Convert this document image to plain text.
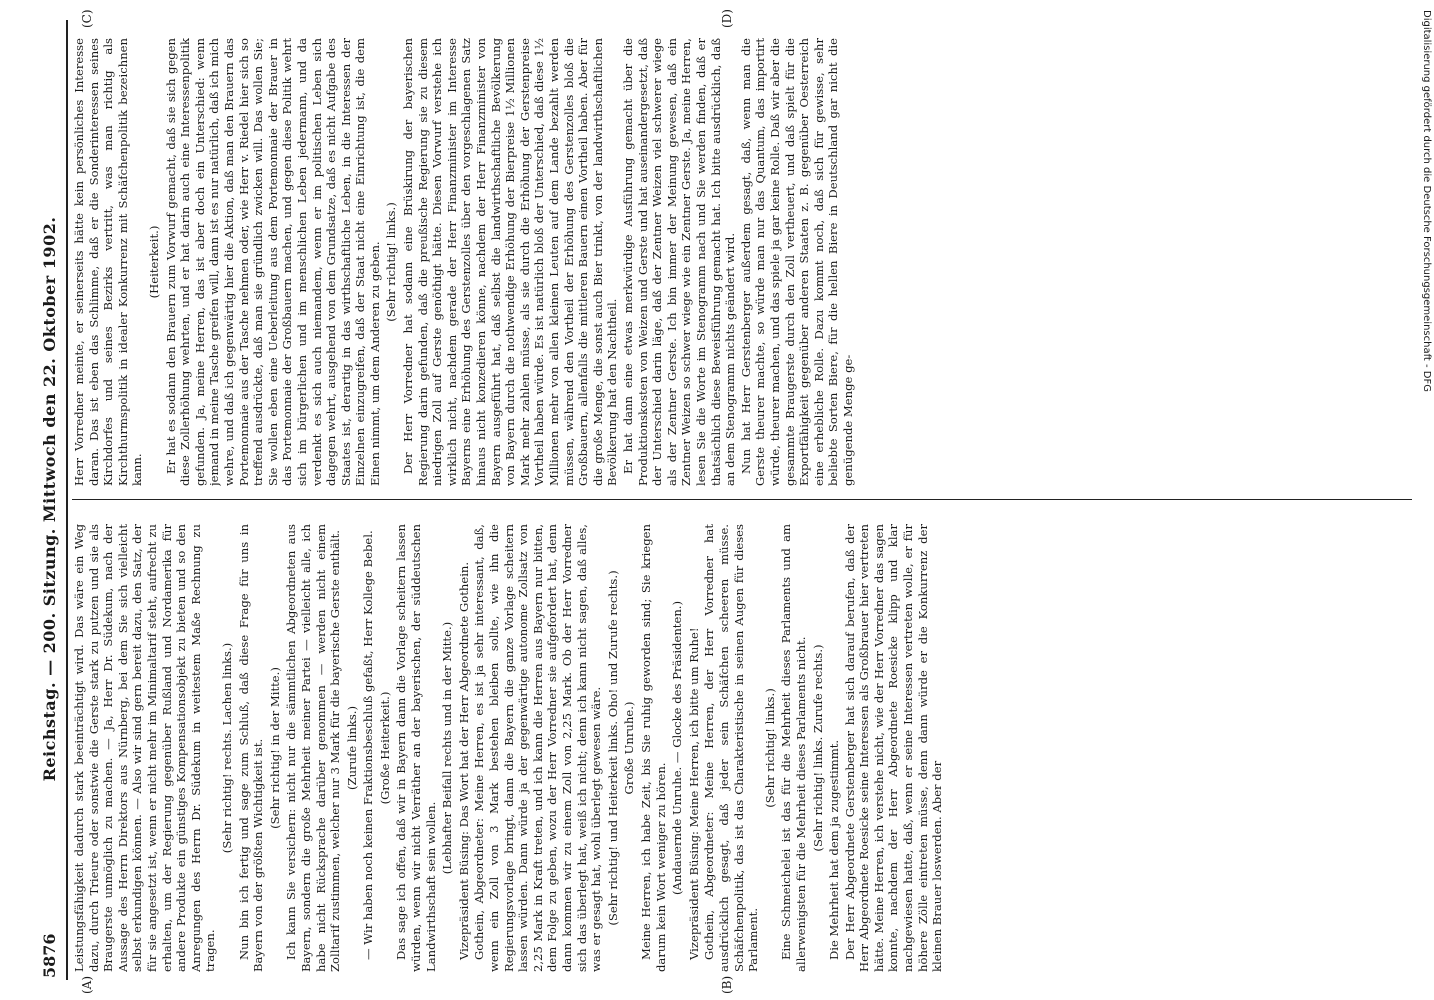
5876
Reichstag. — 200. Sitzung. Mittwoch den 22. Oktober 1902. Leistungsfähigkeit dadurch stark beeinträchtigt wird. Das wäre ein Weg dazu, durch Trieure oder sonstwie die Gerste stark zu putzen und sie als Braugerste unmöglich zu machen. — Ja, Herr Dr. Südekum, nach der Aussage des Herrn Direktors aus Nürnberg, bei dem Sie sich vielleicht selbst erkundigen können. — Also wir sind gern bereit dazu, den Satz, der für sie angesetzt ist, wenn er nicht mehr im Minimaltarif steht, aufrecht zu erhalten, um der Regierung gegenüber Rußland und Nordamerika für andere Produkte ein günstiges Kompensationsobjekt zu bieten und so den Anregungen des Herrn Dr. Südekum in weitestem Maße Rechnung zu tragen.

(Sehr richtig! rechts. Lachen links.) Nun bin ich fertig und sage zum Schluß, daß diese Frage für uns in Bayern von der größten Wichtigkeit ist. (Sehr richtig! in der Mitte.) Ich kann Sie versichern: nicht nur die sämmtlichen Abgeordneten aus Bayern, sondern die große Mehrheit meiner Partei — vielleicht alle, ich habe nicht Rücksprache darüber genommen — werden nicht einem Zolltarif zustimmen, welcher nur 3 Mark für die bayerische Gerste enthält. (Zurufe links.) — Wir haben noch keinen Fraktionsbeschluß gefaßt, Herr Kollege Bebel. (Große Heiterkeit.) Das sage ich offen, daß wir in Bayern dann die Vorlage scheitern lassen würden, wenn wir nicht Verräther an der bayerischen, der süddeutschen Landwirthschaft sein wollen.

(Lebhafter Beifall rechts und in der Mitte.) Vizepräsident Büsing: Das Wort hat der Herr Abgeordnete Gothein. Gothein, Abgeordneter: Meine Herren, es ist ja sehr interessant, daß, wenn ein Zoll von 3 Mark bestehen bleiben sollte, wie ihn die Regierungsvorlage bringt, dann die Bayern die ganze Vorlage scheitern lassen würden. Dann würde ja der gegenwärtige autonome Zollsatz von 2,25 Mark in Kraft treten, und ich kann die Herren aus Bayern nur bitten, dem Folge zu geben, wozu der Herr Vorredner sie aufgefordert hat, denn dann kommen wir zu einem Zoll von 2,25 Mark. Ob der Herr Vorredner sich das überlegt hat, weiß ich nicht; denn ich kann nicht sagen, daß alles, was er gesagt hat, wohl überlegt gewesen wäre. (Sehr richtig! und Heiterkeit links. Oho! und Zurufe rechts.) Große Unruhe.) Meine Herren, ich habe Zeit, bis Sie ruhig geworden sind; Sie kriegen darum kein Wort weniger zu hören. (Andauernde Unruhe. — Glocke des Präsidenten.) Vizepräsident Büsing: Meine Herren, ich bitte um Ruhe! Gothein, Abgeordneter: Meine Herren, der Herr Vorredner hat ausdrücklich gesagt, daß jeder sein Schäfchen scheeren müsse. Schäfchenpolitik, das ist das Charakteristische in seinen Augen für dieses Parlament.

(Sehr richtig! links.) Eine Schmeichelei ist das für die Mehrheit dieses Parlaments und am allerwenigsten für die Mehrheit dieses Parlaments nicht. (Sehr richtig! links. Zurufe rechts.) Die Mehrheit hat dem ja zugestimmt. Der Herr Abgeordnete Gerstenberger hat sich darauf berufen, daß der Herr Abgeordnete Roesicke seine Interessen als Großbrauer hier vertreten hätte. Meine Herren, ich verstehe nicht, wie der Herr Vorredner das sagen konnte, nachdem der Herr Abgeordnete Roesicke klipp und klar nachgewiesen hatte, daß, wenn er seine Interessen vertreten wolle, er für höhere Zölle eintreten müsse, denn dann würde er die Konkurrenz der kleinen Brauer loswerden. Aber der

Herr Vorredner meinte, er seinerseits hätte kein persönliches Interesse daran. Das ist eben das Schlimme, daß er die Sonderinteressen seines Kirchdorfes und seines Bezirks vertritt, was man richtig als Kirchthurmspolitik in idealer Konkurrenz mit Schäfchenpolitik bezeichnen kann.

(Heiterkeit.) Er hat es sodann den Brauern zum Vorwurf gemacht, daß sie sich gegen diese Zollerhöhung wehrten, und er hat darin auch eine Interessenpolitik gefunden. Ja, meine Herren, das ist aber doch ein Unterschied: wenn jemand in meine Tasche greifen will, dann ist es nur natürlich, daß ich mich wehre, und daß ich gegenwärtig hier die Aktion, daß man den Brauern das Portemonnaie aus der Tasche nehmen oder, wie Herr v. Riedel hier sich so treffend ausdrückte, daß man sie gründlich zwicken will. Das wollen Sie; Sie wollen eben eine Ueberleitung aus dem Portemonnaie der Brauer in das Portemonnaie der Großbauern machen, und gegen diese Politik wehrt sich im bürgerlichen und im menschlichen Leben jedermann, und da verdenkt es sich auch niemandem, wenn er im politischen Leben sich dagegen wehrt, ausgehend von dem Grundsatze, daß es nicht Aufgabe des Staates ist, derartig in das wirthschaftliche Leben, in die Interessen der Einzelnen einzugreifen, daß der Staat nicht eine Einrichtung ist, die dem Einen nimmt, um dem Anderen zu geben. (Sehr richtig! links.) Der Herr Vorredner hat sodann eine Brüskirung der bayerischen Regierung darin gefunden, daß die preußische Regierung sie zu diesem niedrigen Zoll auf Gerste genöthigt hätte. Diesen Vorwurf verstehe ich wirklich nicht, nachdem gerade der Herr Finanzminister im Interesse Bayerns eine Erhöhung des Gerstenzolles über den vorgeschlagenen Satz hinaus nicht konzedieren könne, nachdem der Herr Finanzminister von Bayern ausgeführt hat, daß selbst die landwirthschaftliche Bevölkerung von Bayern durch die nothwendige Erhöhung der Bierpreise 1½ Millionen Mark mehr zahlen müsse, als sie durch die Erhöhung der Gerstenpreise Vortheil haben würde. Es ist natürlich bloß der Unterschied, daß diese 1½ Millionen mehr von allen kleinen Leuten auf dem Lande bezahlt werden müssen, während den Vortheil der Erhöhung des Gerstenzolles bloß die Großbauern, allenfalls die mittleren Bauern einen Vortheil haben. Aber für die große Menge, die sonst auch Bier trinkt, von der landwirthschaftlichen Bevölkerung hat den Nachtheil. Er hat dann eine etwas merkwürdige Ausführung gemacht über die Produktionskosten von Weizen und Gerste und hat auseinandergesetzt, daß der Unterschied darin läge, daß der Zentner Weizen viel schwerer wiege als der Zentner Gerste. Ich bin immer der Meinung gewesen, daß ein Zentner Weizen so schwer wiege wie ein Zentner Gerste. Ja, meine Herren, lesen Sie die Worte im Stenogramm nach und Sie werden finden, daß er thatsächlich diese Beweisführung gemacht hat. Ich bitte ausdrücklich, daß an dem Stenogramm nichts geändert wird. Nun hat Herr Gerstenberger außerdem gesagt, daß, wenn man die Gerste theurer machte, so würde man nur das Quantum, das importirt würde, theurer machen, und das spiele ja gar keine Rolle. Daß wir aber die gesammte Braugerste durch den Zoll vertheuert, und daß spielt für die Exportfähigkeit gegenüber anderen Staaten z. B. gegenüber Oesterreich eine erhebliche Rolle. Dazu kommt noch, daß sich für gewisse, sehr beliebte Sorten Biere, für die hellen Biere in Deutschland gar nicht die genügende Menge ge-

(A)	(B)
(C)	(D)	Digitalisierung gefördert durch die Deutsche Forschungsgemeinschaft - DFG
